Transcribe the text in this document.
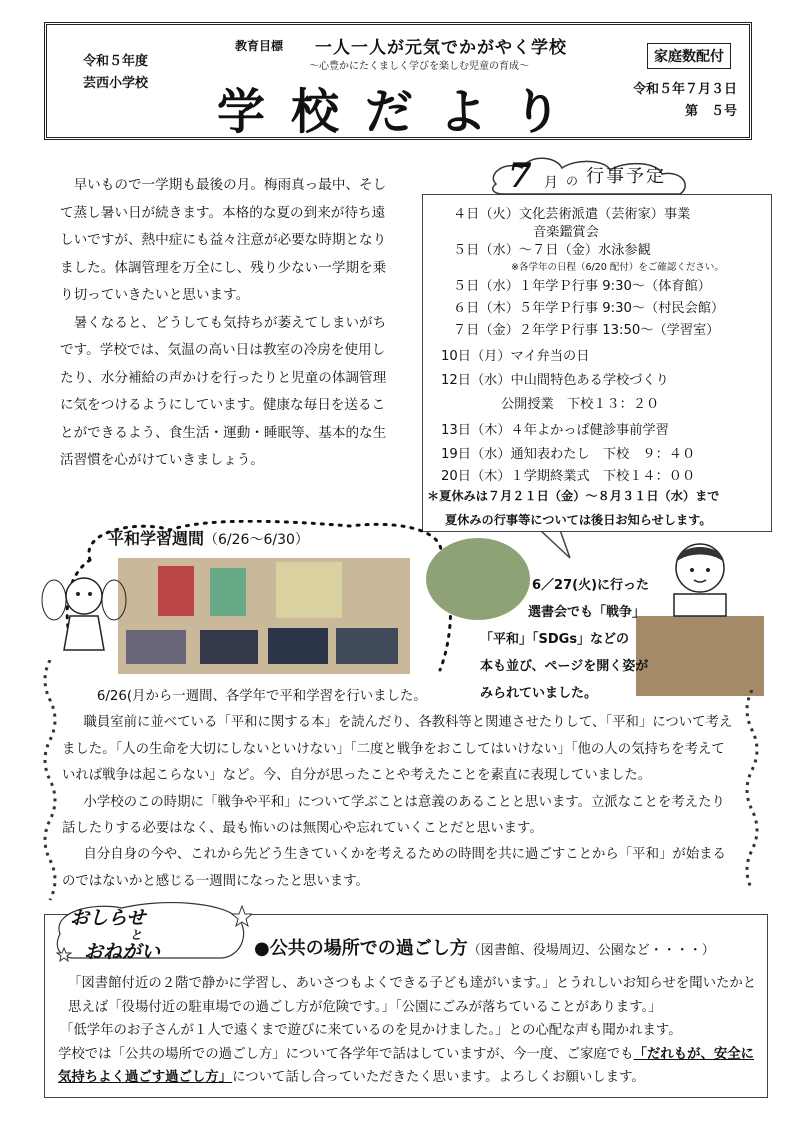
令和５年度
芸西小学校
教育目標 一人一人が元気でかがやく学校
～心豊かにたくましく学びを楽しむ児童の育成～
学校だより
家庭数配付
令和５年７月３日
第　５号

早いもので一学期も最後の月。梅雨真っ最中、そして蒸し暑い日が続きます。本格的な夏の到来が待ち遠しいですが、熱中症にも益々注意が必要な時期となりました。体調管理を万全にし、残り少ない一学期を乗り切っていきたいと思います。

暑くなると、どうしても気持ちが萎えてしまいがちです。学校では、気温の高い日は教室の冷房を使用したり、水分補給の声かけを行ったりと児童の体調管理に気をつけるようにしています。健康な毎日を送ることができるよう、食生活・運動・睡眠等、基本的な生活習慣を心がけていきましょう。

４日（火）文化芸術派遣（芸術家）事業
音楽鑑賞会
５日（水）～７日（金）水泳参観
※各学年の日程（6/20 配付）をご確認ください。
５日（水）１年学Ｐ行事 9:30～（体育館）
６日（木）５年学Ｐ行事 9:30～（村民会館）
７日（金）２年学Ｐ行事 13:50～（学習室）
10日（月）マイ弁当の日
12日（水）中山間特色ある学校づくり
公開授業　下校１３：２０
13日（木）４年よかっぱ健診事前学習
19日（水）通知表わたし　下校　９：４０
20日（木）１学期終業式　下校１４：００
＊夏休みは７月２１日（金）～８月３１日（水）まで
夏休みの行事等については後日お知らせします。
7 月 の 行事予定
平和学習週間（6/26～6/30）
6／27(火)に行った
選書会でも「戦争」
「平和」「SDGs」などの
本も並び、ページを開く姿が
みられていました。

6/26(月から一週間、各学年で平和学習を行いました。

職員室前に並べている「平和に関する本」を読んだり、各教科等と関連させたりして、「平和」について考えました。「人の生命を大切にしないといけない」「二度と戦争をおこしてはいけない」「他の人の気持ちを考えていれば戦争は起こらない」など。今、自分が思ったことや考えたことを素直に表現していました。

小学校のこの時期に「戦争や平和」について学ぶことは意義のあることと思います。立派なことを考えたり話したりする必要はなく、最も怖いのは無関心や忘れていくことだと思います。

自分自身の今や、これから先どう生きていくかを考えるための時間を共に過ごすことから「平和」が始まるのではないかと感じる一週間になったと思います。

おしらせ
と
おねがい	●公共の場所での過ごし方（図書館、役場周辺、公園など・・・・）

「図書館付近の２階で静かに学習し、あいさつもよくできる子ども達がいます。」とうれしいお知らせを聞いたかと思えば「役場付近の駐車場での過ごし方が危険です。」「公園にごみが落ちていることがあります。」

「低学年のお子さんが１人で遠くまで遊びに来ているのを見かけました。」との心配な声も聞かれます。

学校では「公共の場所での過ごし方」について各学年で話はしていますが、今一度、ご家庭でも「だれもが、安全に気持ちよく過ごす過ごし方」について話し合っていただきたく思います。よろしくお願いします。
